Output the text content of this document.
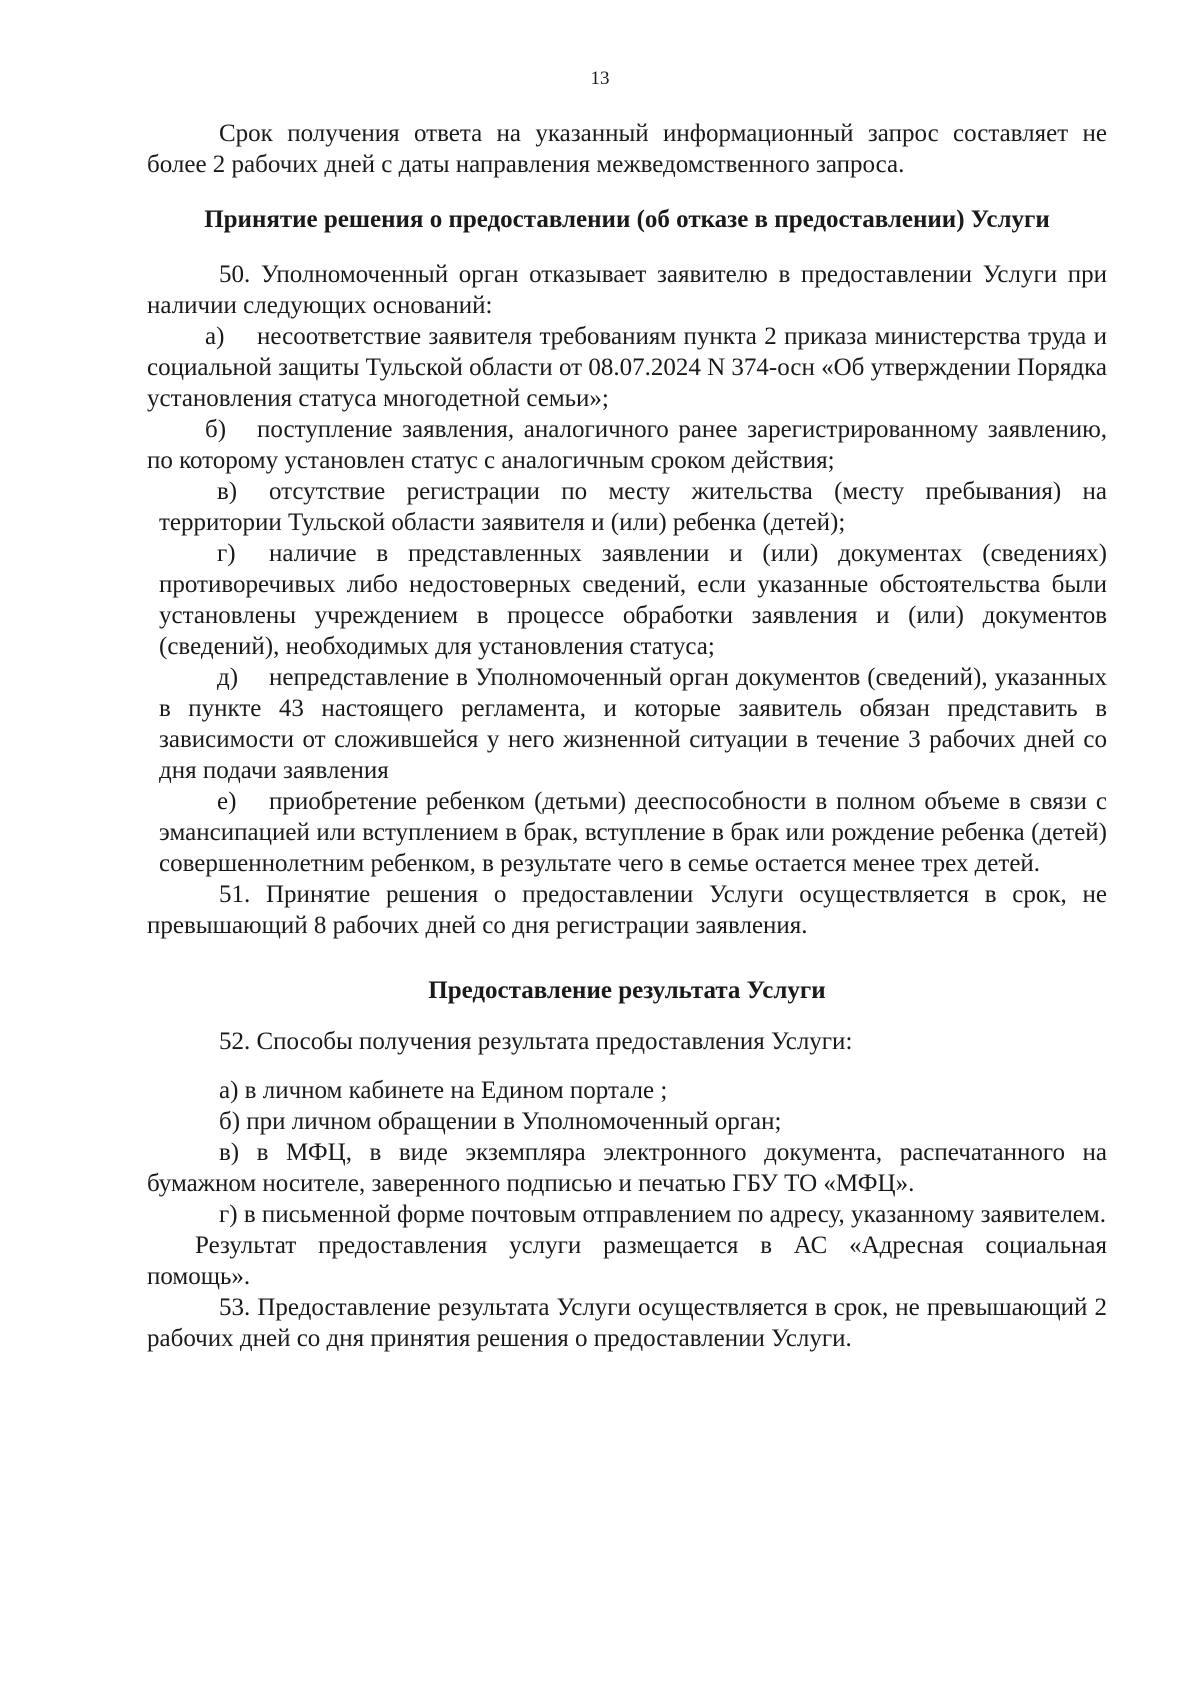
13

Срок получения ответа на указанный информационный запрос составляет не более 2 рабочих дней с даты направления межведомственного запроса.

Принятие решения о предоставлении (об отказе в предоставлении) Услуги

50. Уполномоченный орган отказывает заявителю в предоставлении Услуги при наличии следующих оснований:

а) несоответствие заявителя требованиям пункта 2 приказа министерства труда и социальной защиты Тульской области от 08.07.2024 N 374-осн «Об утверждении Порядка установления статуса многодетной семьи»;

б) поступление заявления, аналогичного ранее зарегистрированному заявлению, по которому установлен статус с аналогичным сроком действия;

в) отсутствие регистрации по месту жительства (месту пребывания) на территории Тульской области заявителя и (или) ребенка (детей);

г) наличие в представленных заявлении и (или) документах (сведениях) противоречивых либо недостоверных сведений, если указанные обстоятельства были установлены учреждением в процессе обработки заявления и (или) документов (сведений), необходимых для установления статуса;

д) непредставление в Уполномоченный орган документов (сведений), указанных в пункте 43 настоящего регламента, и которые заявитель обязан представить в зависимости от сложившейся у него жизненной ситуации в течение 3 рабочих дней со дня подачи заявления

е) приобретение ребенком (детьми) дееспособности в полном объеме в связи с эмансипацией или вступлением в брак, вступление в брак или рождение ребенка (детей) совершеннолетним ребенком, в результате чего в семье остается менее трех детей.

51. Принятие решения о предоставлении Услуги осуществляется в срок, не превышающий 8 рабочих дней со дня регистрации заявления.

Предоставление результата Услуги

52. Способы получения результата предоставления Услуги:

а) в личном кабинете на Едином портале ;

б) при личном обращении в Уполномоченный орган;

в) в МФЦ, в виде экземпляра электронного документа, распечатанного на бумажном носителе, заверенного подписью и печатью ГБУ ТО «МФЦ».

г) в письменной форме почтовым отправлением по адресу, указанному заявителем.

Результат предоставления услуги размещается в АС «Адресная социальная помощь».

53. Предоставление результата Услуги осуществляется в срок, не превышающий 2 рабочих дней со дня принятия решения о предоставлении Услуги.
